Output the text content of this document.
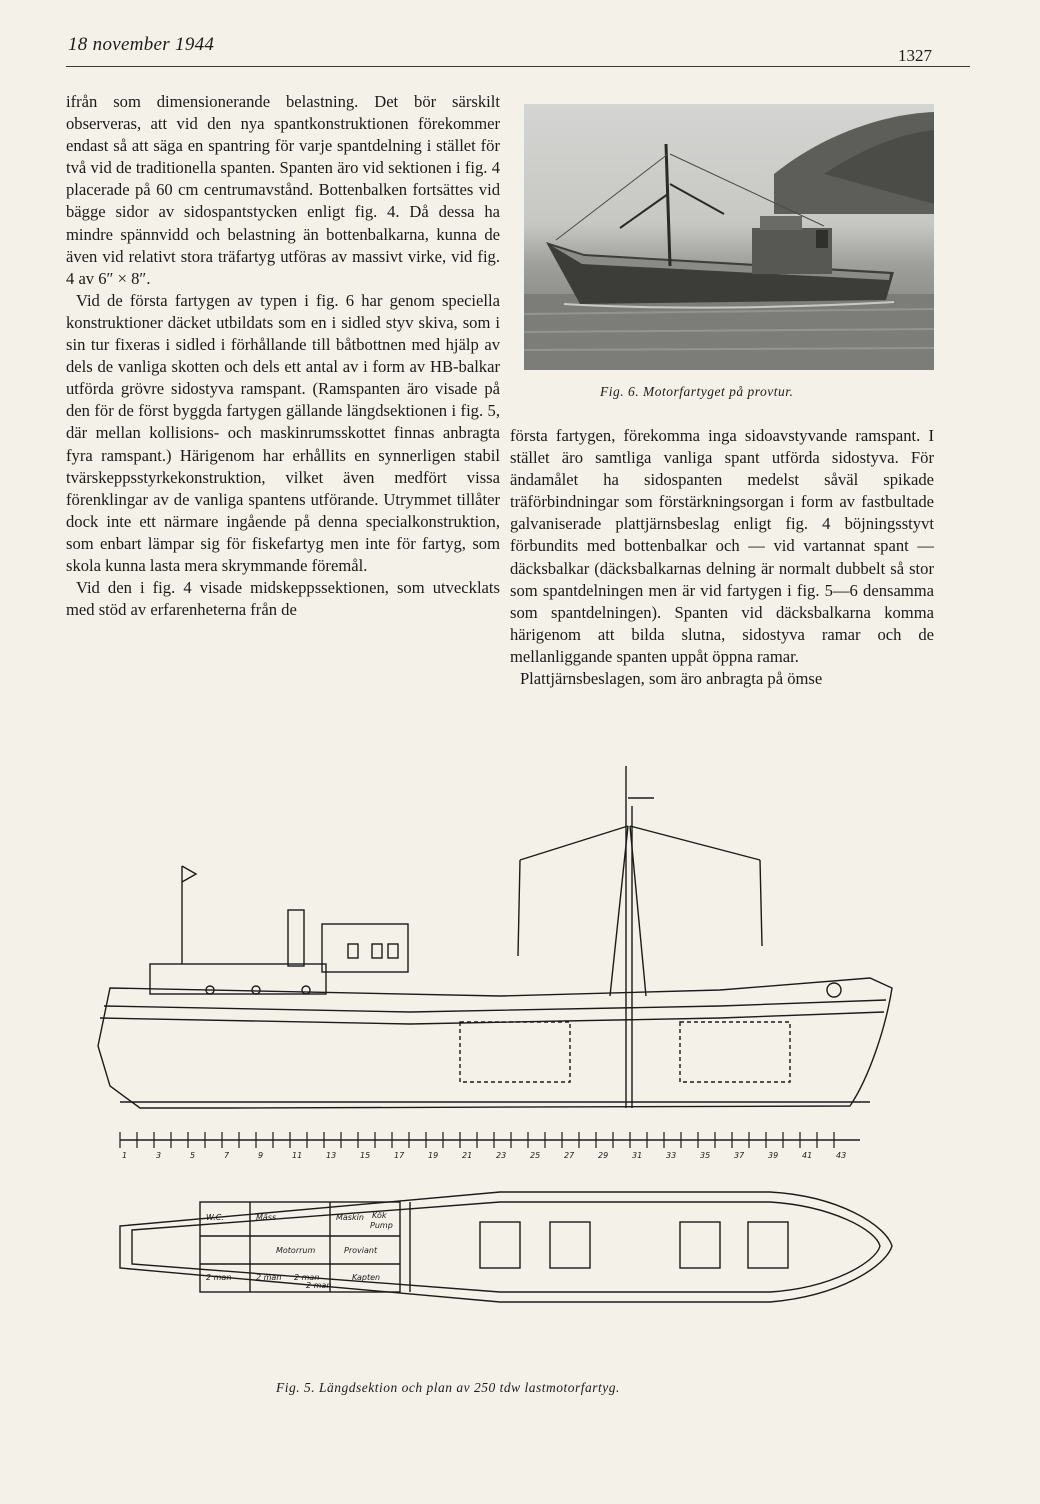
18 november 1944
1327

ifrån som dimensionerande belastning. Det bör särskilt observeras, att vid den nya spantkonstruktionen förekommer endast så att säga en spantring för varje spantdelning i stället för två vid de traditionella spanten. Spanten äro vid sektionen i fig. 4 placerade på 60 cm centrumavstånd. Bottenbalken fortsättes vid bägge sidor av sidospantstycken enligt fig. 4. Då dessa ha mindre spännvidd och belastning än bottenbalkarna, kunna de även vid relativt stora träfartyg utföras av massivt virke, vid fig. 4 av 6″ × 8″.

Vid de första fartygen av typen i fig. 6 har genom speciella konstruktioner däcket utbildats som en i sidled styv skiva, som i sin tur fixeras i sidled i förhållande till båtbottnen med hjälp av dels de vanliga skotten och dels ett antal av i form av HB-balkar utförda grövre sidostyva ramspant. (Ramspanten äro visade på den för de först byggda fartygen gällande längdsektionen i fig. 5, där mellan kollisions- och maskinrumsskottet finnas anbragta fyra ramspant.) Härigenom har erhållits en synnerligen stabil tvärskeppsstyrkekonstruktion, vilket även medfört vissa förenklingar av de vanliga spantens utförande. Utrymmet tillåter dock inte ett närmare ingående på denna specialkonstruktion, som enbart lämpar sig för fiskefartyg men inte för fartyg, som skola kunna lasta mera skrymmande föremål.

Vid den i fig. 4 visade midskeppssektionen, som utvecklats med stöd av erfarenheterna från de

Fig. 6. Motorfartyget på provtur.

första fartygen, förekomma inga sidoavstyvande ramspant. I stället äro samtliga vanliga spant utförda sidostyva. För ändamålet ha sidospanten medelst såväl spikade träförbindningar som förstärkningsorgan i form av fastbultade galvaniserade plattjärnsbeslag enligt fig. 4 böjningsstyvt förbundits med bottenbalkar och — vid vartannat spant — däcksbalkar (däcksbalkarnas delning är normalt dubbelt så stor som spantdelningen men är vid fartygen i fig. 5—6 densamma som spantdelningen). Spanten vid däcksbalkarna komma härigenom att bilda slutna, sidostyva ramar och de mellanliggande spanten uppåt öppna ramar.

Plattjärnsbeslagen, som äro anbragta på ömse

1	3	5	7	9	11	13	15	17	19	21	23	25	27	29	31	33	35	37	39	41	43
Mäss	Maskin
Motorrum
Pump
Kök
Proviant
Kapten
W.C.
2 man	2 man 2 man
2 man
Fig. 5. Längdsektion och plan av 250 tdw lastmotorfartyg.
